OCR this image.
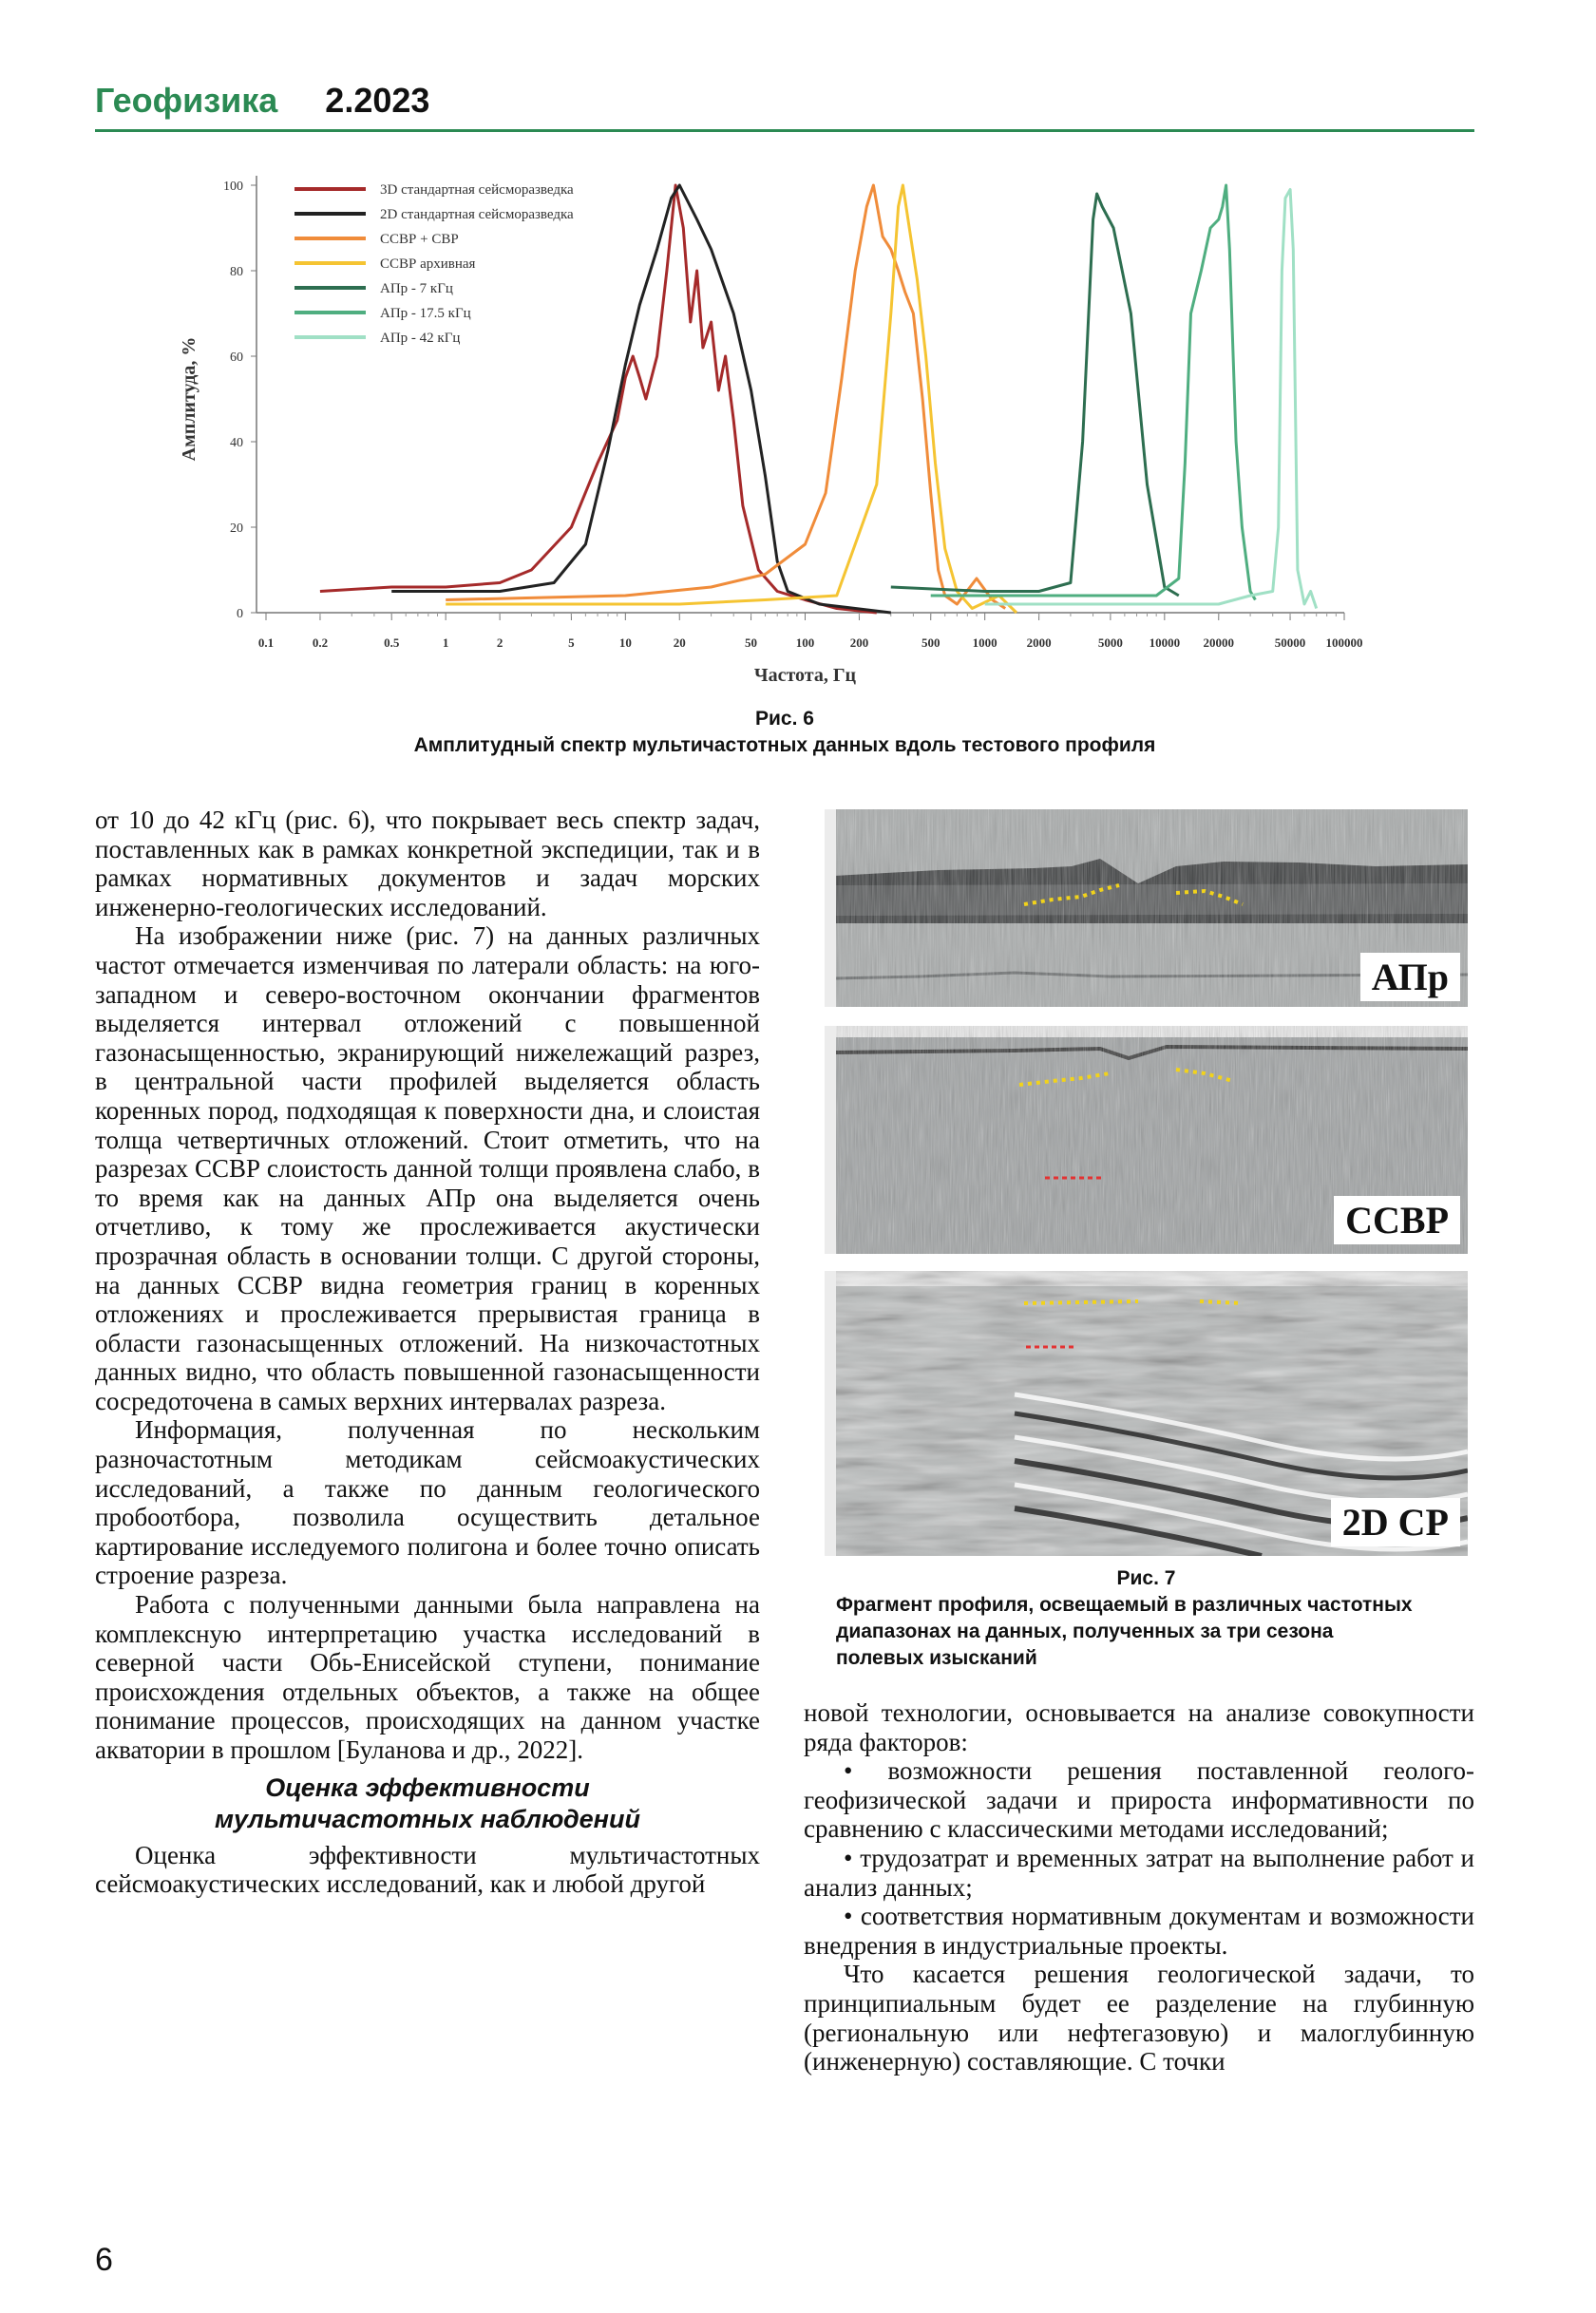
Геофизика 2.2023
0
20
40
60
80
100
0.1	0.2	0.5	1	2	5	10	20	50	100	200	500	1000 2000	5000 10000 20000	50000 100000
Частота, Гц
Амплитуда, %
3D стандартная сейсморазведка
2D стандартная сейсморазведка
ССВР + СВР
ССВР архивная
АПр - 7 кГц
АПр - 17.5 кГц
АПр - 42 кГц
Рис. 6
Амплитудный спектр мультичастотных данных вдоль тестового профиля

от 10 до 42 кГц (рис. 6), что покрывает весь спектр задач, поставленных как в рамках конкретной экспедиции, так и в рамках нормативных документов и задач морских инженерно-геологических исследований.

На изображении ниже (рис. 7) на данных различных частот отмечается изменчивая по латерали область: на юго-западном и северо-восточном окончании фрагментов выделяется интервал отложений с повышенной газонасыщенностью, экранирующий нижележащий разрез, в центральной части профилей выделяется область коренных пород, подходящая к поверхности дна, и слоистая толща четвертичных отложений. Стоит отметить, что на разрезах ССВР слоистость данной толщи проявлена слабо, в то время как на данных АПр она выделяется очень отчетливо, к тому же прослеживается акустически прозрачная область в основании толщи. С другой стороны, на данных ССВР видна геометрия границ в коренных отложениях и прослеживается прерывистая граница в области газонасыщенных отложений. На низкочастотных данных видно, что область повышенной газонасыщенности сосредоточена в самых верхних интервалах разреза.

Информация, полученная по нескольким разночастотным методикам сейсмоакустических исследований, а также по данным геологического пробоотбора, позволила осуществить детальное картирование исследуемого полигона и более точно описать строение разреза.

Работа с полученными данными была направлена на комплексную интерпретацию участка исследований в северной части Обь-Енисейской ступени, понимание происхождения отдельных объектов, а также на общее понимание процессов, происходящих на данном участке акватории в прошлом [Буланова и др., 2022].

Оценка эффективности
мультичастотных наблюдений

Оценка эффективности мультичастотных сейсмоакустических исследований, как и любой другой

АПр
ССВР
2D СР
Рис. 7
Фрагмент профиля, освещаемый в различных частотных
диапазонах на данных, полученных за три сезона
полевых изысканий

новой технологии, основывается на анализе совокупности ряда факторов:

• возможности решения поставленной геолого-геофизической задачи и прироста информативности по сравнению с классическими методами исследований;

• трудозатрат и временных затрат на выполнение работ и анализ данных;

• соответствия нормативным документам и возможности внедрения в индустриальные проекты.

Что касается решения геологической задачи, то принципиальным будет ее разделение на глубинную (региональную или нефтегазовую) и малоглубинную (инженерную) составляющие. С точки

6
